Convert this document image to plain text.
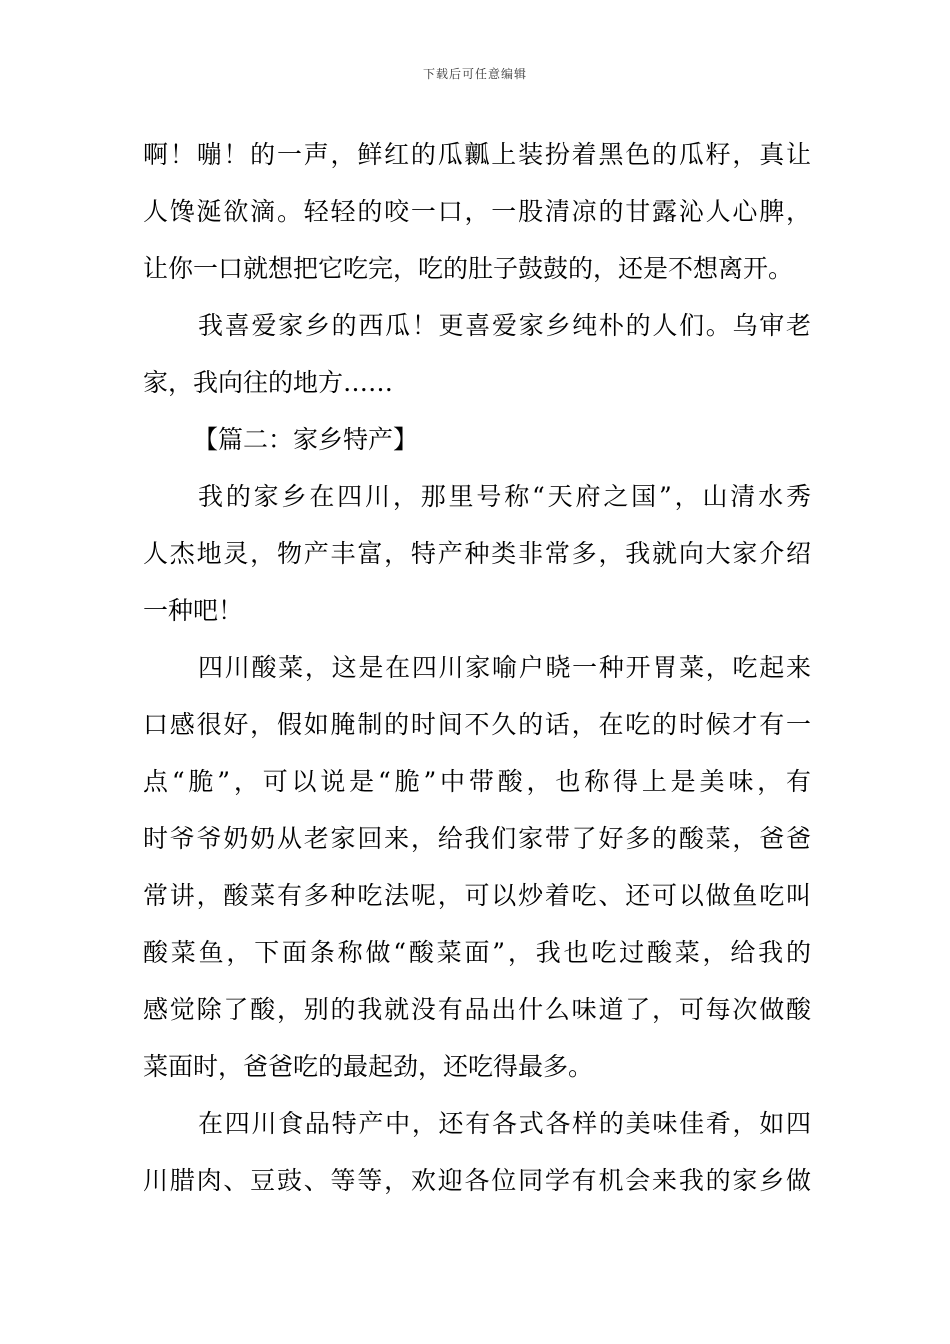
下载后可任意编辑
啊！嘣！的一声，鲜红的瓜瓤上装扮着黑色的瓜籽，真让
人馋涎欲滴。轻轻的咬一口，一股清凉的甘露沁人心脾，
让你一口就想把它吃完，吃的肚子鼓鼓的，还是不想离开。
我喜爱家乡的西瓜！更喜爱家乡纯朴的人们。乌审老
家，我向往的地方……
【篇二：家乡特产】
我的家乡在四川，那里号称“天府之国”，山清水秀
人杰地灵，物产丰富，特产种类非常多，我就向大家介绍
一种吧！
四川酸菜，这是在四川家喻户晓一种开胃菜，吃起来
口感很好，假如腌制的时间不久的话，在吃的时候才有一
点“脆”，可以说是“脆”中带酸，也称得上是美味，有
时爷爷奶奶从老家回来，给我们家带了好多的酸菜，爸爸
常讲，酸菜有多种吃法呢，可以炒着吃、还可以做鱼吃叫
酸菜鱼，下面条称做“酸菜面”，我也吃过酸菜，给我的
感觉除了酸，别的我就没有品出什么味道了，可每次做酸
菜面时，爸爸吃的最起劲，还吃得最多。
在四川食品特产中，还有各式各样的美味佳肴，如四
川腊肉、豆豉、等等，欢迎各位同学有机会来我的家乡做
